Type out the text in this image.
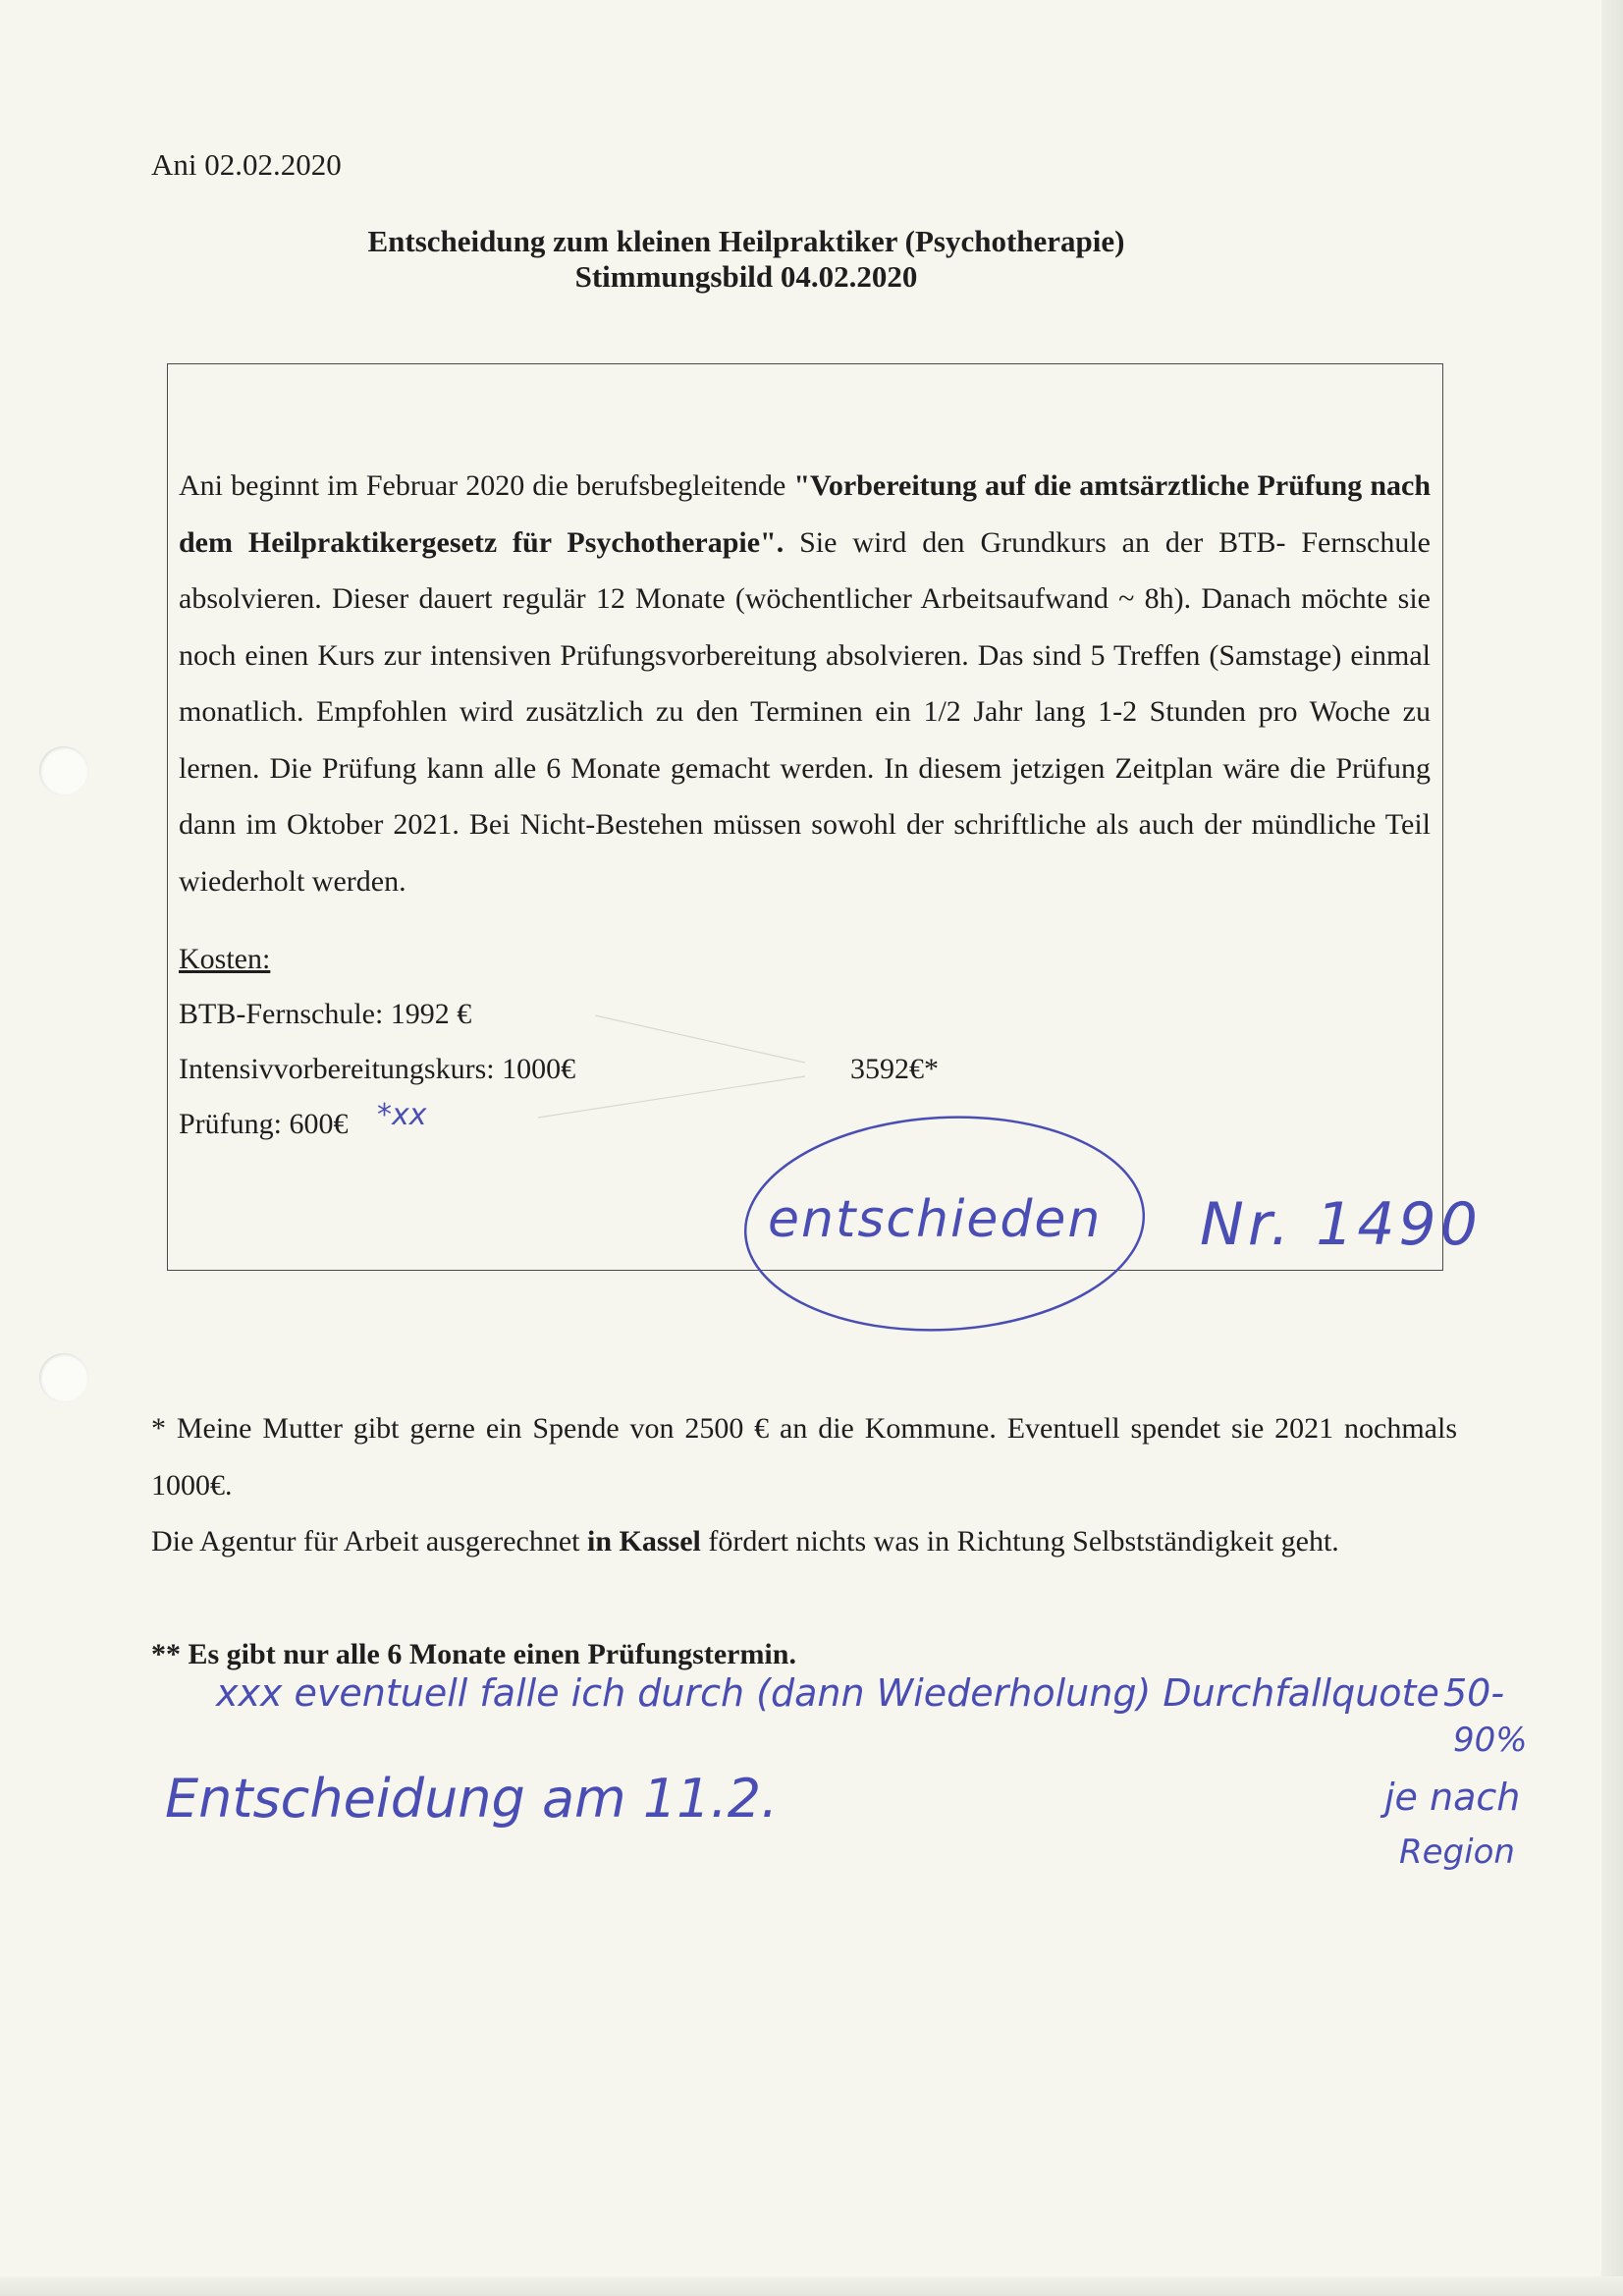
Ani 02.02.2020

Entscheidung zum kleinen Heilpraktiker (Psychotherapie)

Stimmungsbild 04.02.2020

Ani beginnt im Februar 2020 die berufsbegleitende "Vorbereitung auf die amtsärztliche Prüfung nach dem Heilpraktikergesetz für Psychotherapie". Sie wird den Grundkurs an der BTB- Fernschule absolvieren. Dieser dauert regulär 12 Monate (wöchentlicher Arbeitsaufwand ~ 8h). Danach möchte sie noch einen Kurs zur intensiven Prüfungsvorbereitung absolvieren. Das sind 5 Treffen (Samstage) einmal monatlich. Empfohlen wird zusätzlich zu den Terminen ein 1/2 Jahr lang 1-2 Stunden pro Woche zu lernen. Die Prüfung kann alle 6 Monate gemacht werden. In diesem jetzigen Zeitplan wäre die Prüfung dann im Oktober 2021. Bei Nicht-Bestehen müssen sowohl der schriftliche als auch der mündliche Teil wiederholt werden.

Kosten:

BTB-Fernschule: 1992 €

Intensivvorbereitungskurs: 1000€

Prüfung: 600€

3592€*

* Meine Mutter gibt gerne ein Spende von 2500 € an die Kommune. Eventuell spendet sie 2021 nochmals 1000€.

Die Agentur für Arbeit ausgerechnet in Kassel fördert nichts was in Richtung Selbstständigkeit geht.

** Es gibt nur alle 6 Monate einen Prüfungstermin.

*xx
entschieden Nr. 1490
xxx eventuell falle ich durch (dann Wiederholung) Durchfallquote 50-
90%
Entscheidung am 11.2.	je nach
Region
